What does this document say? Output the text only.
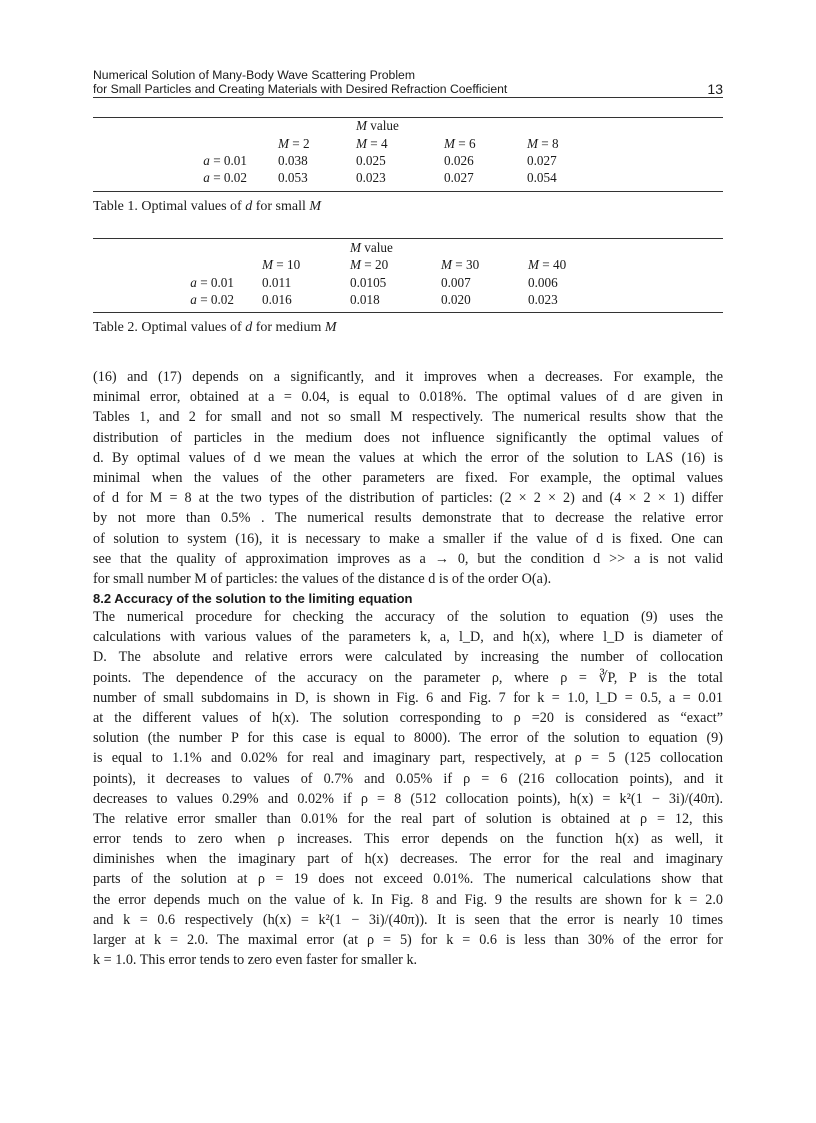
Numerical Solution of Many-Body Wave Scattering Problem
for Small Particles and Creating Materials with Desired Refraction Coefficient	13
M value
M = 2	M = 4	M = 6	M = 8
a = 0.01 0.038	0.025	0.026	0.027
a = 0.02 0.053	0.023	0.027	0.054
Table 1. Optimal values of d for small M
M value
M = 10	M = 20	M = 30	M = 40
a = 0.01 0.011	0.0105	0.007	0.006
a = 0.02 0.016	0.018	0.020	0.023
Table 2. Optimal values of d for medium M
(16) and (17) depends on a significantly, and it improves when a decreases. For example, the
minimal error, obtained at a = 0.04, is equal to 0.018%. The optimal values of d are given in
Tables 1, and 2 for small and not so small M respectively. The numerical results show that the
distribution of particles in the medium does not influence significantly the optimal values of
d. By optimal values of d we mean the values at which the error of the solution to LAS (16) is
minimal when the values of the other parameters are fixed. For example, the optimal values
of d for M = 8 at the two types of the distribution of particles: (2 × 2 × 2) and (4 × 2 × 1) differ
by not more than 0.5% . The numerical results demonstrate that to decrease the relative error
of solution to system (16), it is necessary to make a smaller if the value of d is fixed. One can
see that the quality of approximation improves as a → 0, but the condition d >> a is not valid
for small number M of particles: the values of the distance d is of the order O(a).
8.2 Accuracy of the solution to the limiting equation
The numerical procedure for checking the accuracy of the solution to equation (9) uses the
calculations with various values of the parameters k, a, l_D, and h(x), where l_D is diameter of
D. The absolute and relative errors were calculated by increasing the number of collocation
points. The dependence of the accuracy on the parameter ρ, where ρ = ∛P, P is the total
number of small subdomains in D, is shown in Fig. 6 and Fig. 7 for k = 1.0, l_D = 0.5, a = 0.01
at the different values of h(x). The solution corresponding to ρ =20 is considered as “exact”
solution (the number P for this case is equal to 8000). The error of the solution to equation (9)
is equal to 1.1% and 0.02% for real and imaginary part, respectively, at ρ = 5 (125 collocation
points), it decreases to values of 0.7% and 0.05% if ρ = 6 (216 collocation points), and it
decreases to values 0.29% and 0.02% if ρ = 8 (512 collocation points), h(x) = k²(1 − 3i)/(40π).
The relative error smaller than 0.01% for the real part of solution is obtained at ρ = 12, this
error tends to zero when ρ increases. This error depends on the function h(x) as well, it
diminishes when the imaginary part of h(x) decreases. The error for the real and imaginary
parts of the solution at ρ = 19 does not exceed 0.01%. The numerical calculations show that
the error depends much on the value of k. In Fig. 8 and Fig. 9 the results are shown for k = 2.0
and k = 0.6 respectively (h(x) = k²(1 − 3i)/(40π)). It is seen that the error is nearly 10 times
larger at k = 2.0. The maximal error (at ρ = 5) for k = 0.6 is less than 30% of the error for
k = 1.0. This error tends to zero even faster for smaller k.
